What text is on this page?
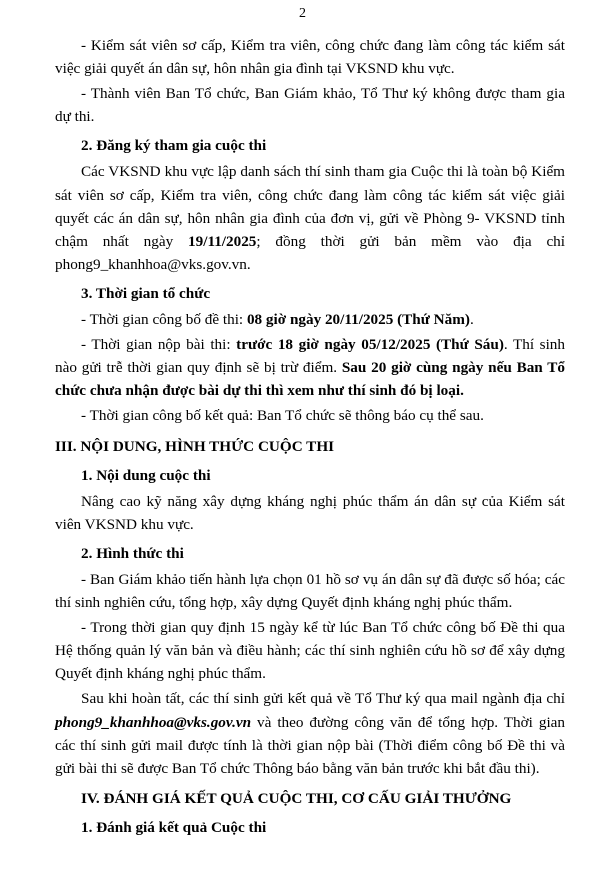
2

- Kiểm sát viên sơ cấp, Kiểm tra viên, công chức đang làm công tác kiểm sát việc giải quyết án dân sự, hôn nhân gia đình tại VKSND khu vực.

- Thành viên Ban Tổ chức, Ban Giám khảo, Tổ Thư ký không được tham gia dự thi.

2. Đăng ký tham gia cuộc thi

Các VKSND khu vực lập danh sách thí sinh tham gia Cuộc thi là toàn bộ Kiểm sát viên sơ cấp, Kiểm tra viên, công chức đang làm công tác kiểm sát việc giải quyết các án dân sự, hôn nhân gia đình của đơn vị, gửi về Phòng 9- VKSND tỉnh chậm nhất ngày 19/11/2025; đồng thời gửi bản mềm vào địa chỉ phong9_khanhhoa@vks.gov.vn.

3. Thời gian tổ chức

- Thời gian công bố đề thi: 08 giờ ngày 20/11/2025 (Thứ Năm).

- Thời gian nộp bài thi: trước 18 giờ ngày 05/12/2025 (Thứ Sáu). Thí sinh nào gửi trễ thời gian quy định sẽ bị trừ điểm. Sau 20 giờ cùng ngày nếu Ban Tổ chức chưa nhận được bài dự thi thì xem như thí sinh đó bị loại.

- Thời gian công bố kết quả: Ban Tổ chức sẽ thông báo cụ thể sau.

III. NỘI DUNG, HÌNH THỨC CUỘC THI

1. Nội dung cuộc thi

Nâng cao kỹ năng xây dựng kháng nghị phúc thẩm án dân sự của Kiểm sát viên VKSND khu vực.

2. Hình thức thi

- Ban Giám khảo tiến hành lựa chọn 01 hồ sơ vụ án dân sự đã được số hóa; các thí sinh nghiên cứu, tổng hợp, xây dựng Quyết định kháng nghị phúc thẩm.

- Trong thời gian quy định 15 ngày kể từ lúc Ban Tổ chức công bố Đề thi qua Hệ thống quản lý văn bản và điều hành; các thí sinh nghiên cứu hồ sơ để xây dựng Quyết định kháng nghị phúc thẩm.

Sau khi hoàn tất, các thí sinh gửi kết quả về Tổ Thư ký qua mail ngành địa chỉ phong9_khanhhoa@vks.gov.vn và theo đường công văn để tổng hợp. Thời gian các thí sinh gửi mail được tính là thời gian nộp bài (Thời điểm công bố Đề thi và gửi bài thi sẽ được Ban Tổ chức Thông báo bằng văn bản trước khi bắt đầu thi).

IV. ĐÁNH GIÁ KẾT QUẢ CUỘC THI, CƠ CẤU GIẢI THƯỞNG

1. Đánh giá kết quả Cuộc thi
